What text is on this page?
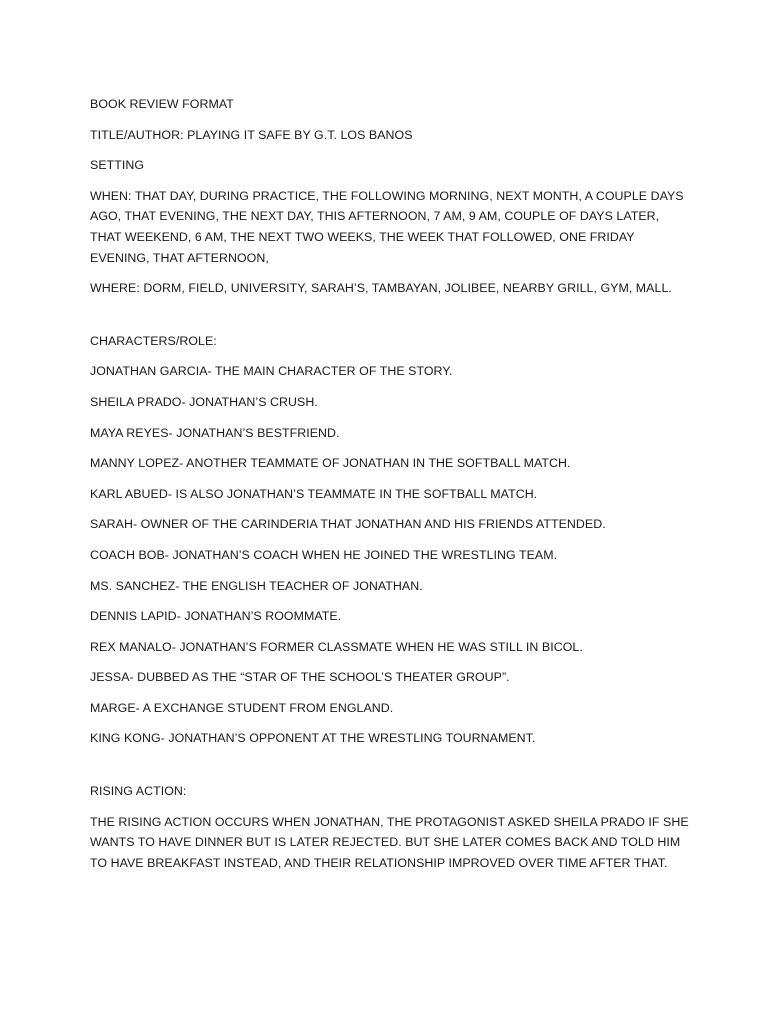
BOOK REVIEW FORMAT

TITLE/AUTHOR: PLAYING IT SAFE BY G.T. LOS BANOS

SETTING

WHEN: THAT DAY, DURING PRACTICE, THE FOLLOWING MORNING, NEXT MONTH, A COUPLE DAYS AGO, THAT EVENING, THE NEXT DAY, THIS AFTERNOON, 7 AM, 9 AM, COUPLE OF DAYS LATER, THAT WEEKEND, 6 AM, THE NEXT TWO WEEKS, THE WEEK THAT FOLLOWED, ONE FRIDAY EVENING, THAT AFTERNOON,

WHERE: DORM, FIELD, UNIVERSITY, SARAH’S, TAMBAYAN, JOLIBEE, NEARBY GRILL, GYM, MALL.

CHARACTERS/ROLE:

JONATHAN GARCIA- THE MAIN CHARACTER OF THE STORY.

SHEILA PRADO- JONATHAN’S CRUSH.

MAYA REYES- JONATHAN’S BESTFRIEND.

MANNY LOPEZ- ANOTHER TEAMMATE OF JONATHAN IN THE SOFTBALL MATCH.

KARL ABUED- IS ALSO JONATHAN’S TEAMMATE IN THE SOFTBALL MATCH.

SARAH- OWNER OF THE CARINDERIA THAT JONATHAN AND HIS FRIENDS ATTENDED.

COACH BOB- JONATHAN’S COACH WHEN HE JOINED THE WRESTLING TEAM.

MS. SANCHEZ- THE ENGLISH TEACHER OF JONATHAN.

DENNIS LAPID- JONATHAN’S ROOMMATE.

REX MANALO- JONATHAN’S FORMER CLASSMATE WHEN HE WAS STILL IN BICOL.

JESSA- DUBBED AS THE “STAR OF THE SCHOOL’S THEATER GROUP”.

MARGE- A EXCHANGE STUDENT FROM ENGLAND.

KING KONG- JONATHAN’S OPPONENT AT THE WRESTLING TOURNAMENT.

RISING ACTION:

THE RISING ACTION OCCURS WHEN JONATHAN, THE PROTAGONIST ASKED SHEILA PRADO IF SHE WANTS TO HAVE DINNER BUT IS LATER REJECTED. BUT SHE LATER COMES BACK AND TOLD HIM TO HAVE BREAKFAST INSTEAD, AND THEIR RELATIONSHIP IMPROVED OVER TIME AFTER THAT.
